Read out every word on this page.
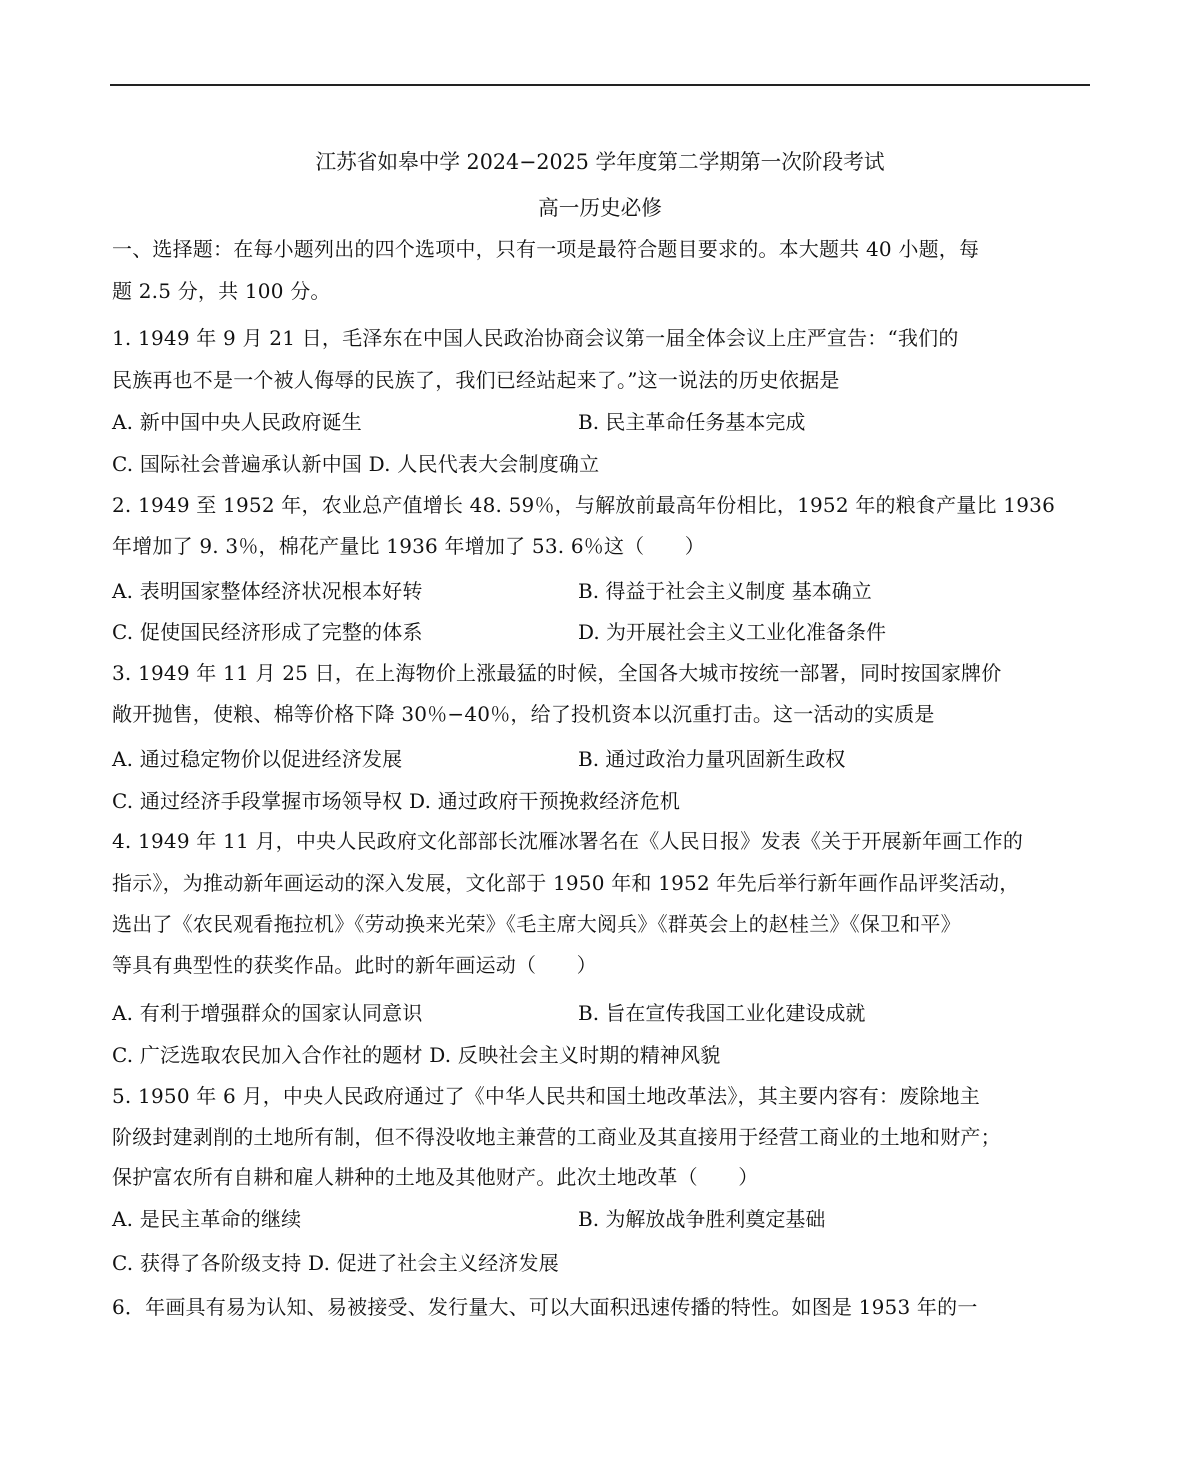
江苏省如皋中学 2024−2025 学年度第二学期第一次阶段考试
高一历史必修
一、选择题：在每小题列出的四个选项中，只有一项是最符合题目要求的。本大题共 40 小题，每
题 2.5 分，共 100 分。
1. 1949 年 9 月 21 日，毛泽东在中国人民政治协商会议第一届全体会议上庄严宣告：“我们的
民族再也不是一个被人侮辱的民族了，我们已经站起来了。”这一说法的历史依据是
A. 新中国中央人民政府诞生	B. 民主革命任务基本完成
C. 国际社会普遍承认新中国 D. 人民代表大会制度确立
2. 1949 至 1952 年，农业总产值增长 48. 59％，与解放前最高年份相比，1952 年的粮食产量比 1936
年增加了 9. 3％，棉花产量比 1936 年增加了 53. 6％这（　　）
A. 表明国家整体经济状况根本好转	B. 得益于社会主义制度 基本确立
C. 促使国民经济形成了完整的体系	D. 为开展社会主义工业化准备条件
3. 1949 年 11 月 25 日，在上海物价上涨最猛的时候，全国各大城市按统一部署，同时按国家牌价
敞开抛售，使粮、棉等价格下降 30％−40％，给了投机资本以沉重打击。这一活动的实质是
A. 通过稳定物价以促进经济发展	B. 通过政治力量巩固新生政权
C. 通过经济手段掌握市场领导权 D. 通过政府干预挽救经济危机
4. 1949 年 11 月，中央人民政府文化部部长沈雁冰署名在《人民日报》发表《关于开展新年画工作的
指示》，为推动新年画运动的深入发展，文化部于 1950 年和 1952 年先后举行新年画作品评奖活动，
选出了《农民观看拖拉机》《劳动换来光荣》《毛主席大阅兵》《群英会上的赵桂兰》《保卫和平》
等具有典型性的获奖作品。此时的新年画运动（　　）
A. 有利于增强群众的国家认同意识	B. 旨在宣传我国工业化建设成就
C. 广泛选取农民加入合作社的题材 D. 反映社会主义时期的精神风貌
5. 1950 年 6 月，中央人民政府通过了《中华人民共和国土地改革法》，其主要内容有：废除地主
阶级封建剥削的土地所有制，但不得没收地主兼营的工商业及其直接用于经营工商业的土地和财产；
保护富农所有自耕和雇人耕种的土地及其他财产。此次土地改革（　　）
A. 是民主革命的继续	B. 为解放战争胜利奠定基础
C. 获得了各阶级支持 D. 促进了社会主义经济发展
6．年画具有易为认知、易被接受、发行量大、可以大面积迅速传播的特性。如图是 1953 年的一
